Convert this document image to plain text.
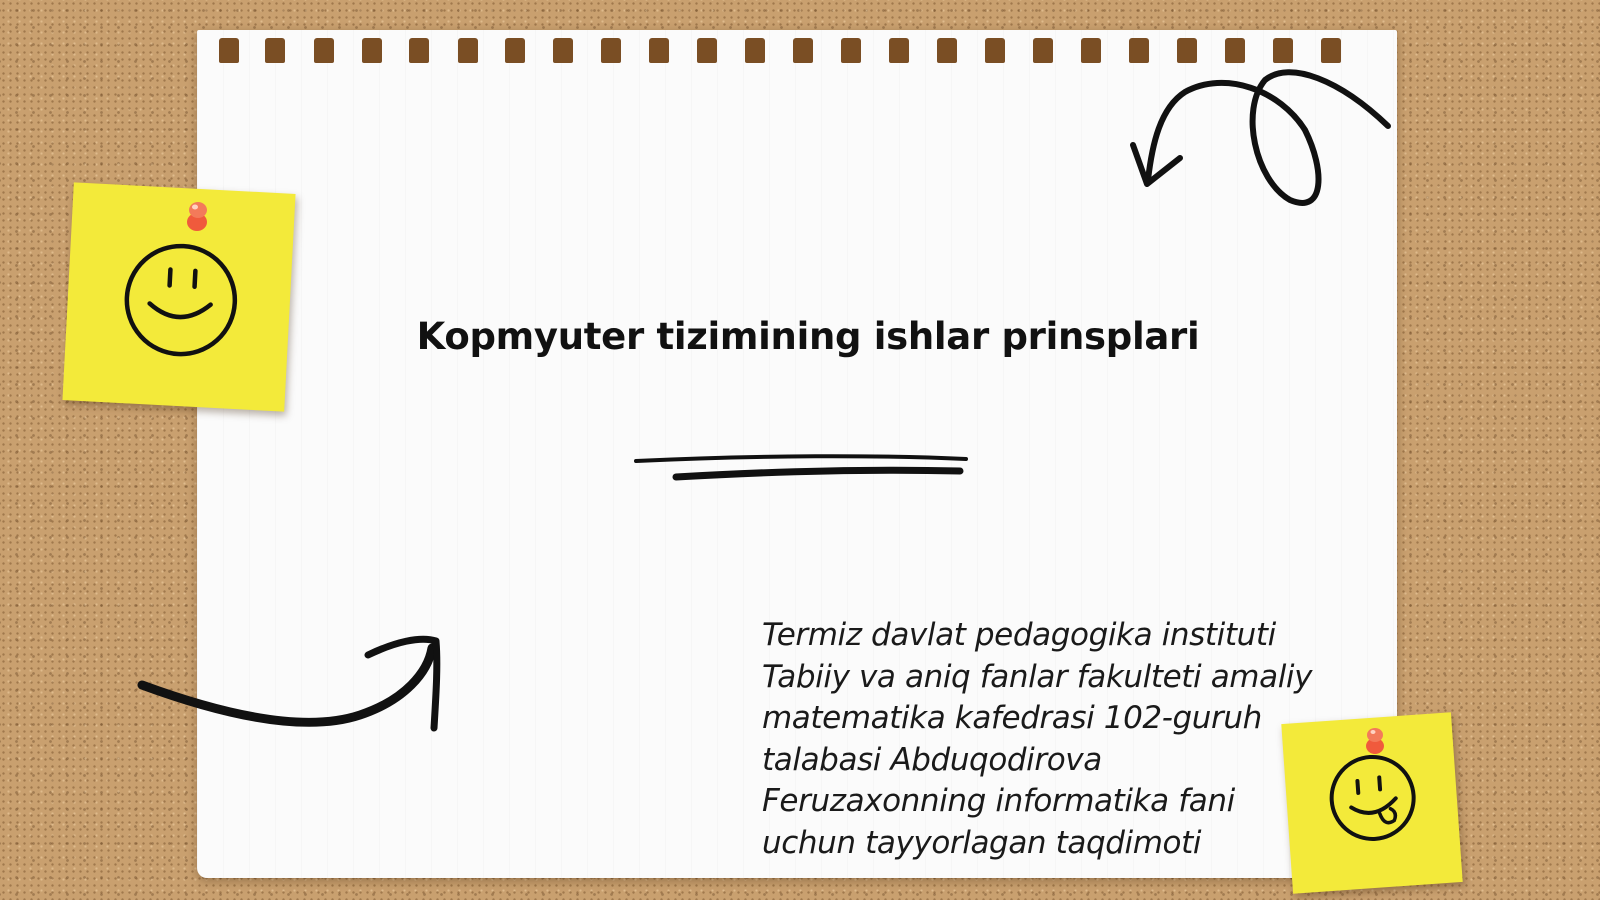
Kopmyuter tizimining ishlar prinsplari
Termiz davlat pedagogika instituti
Tabiiy va aniq fanlar fakulteti amaliy
matematika kafedrasi 102-guruh
talabasi Abduqodirova
Feruzaxonning informatika fani
uchun tayyorlagan taqdimoti
